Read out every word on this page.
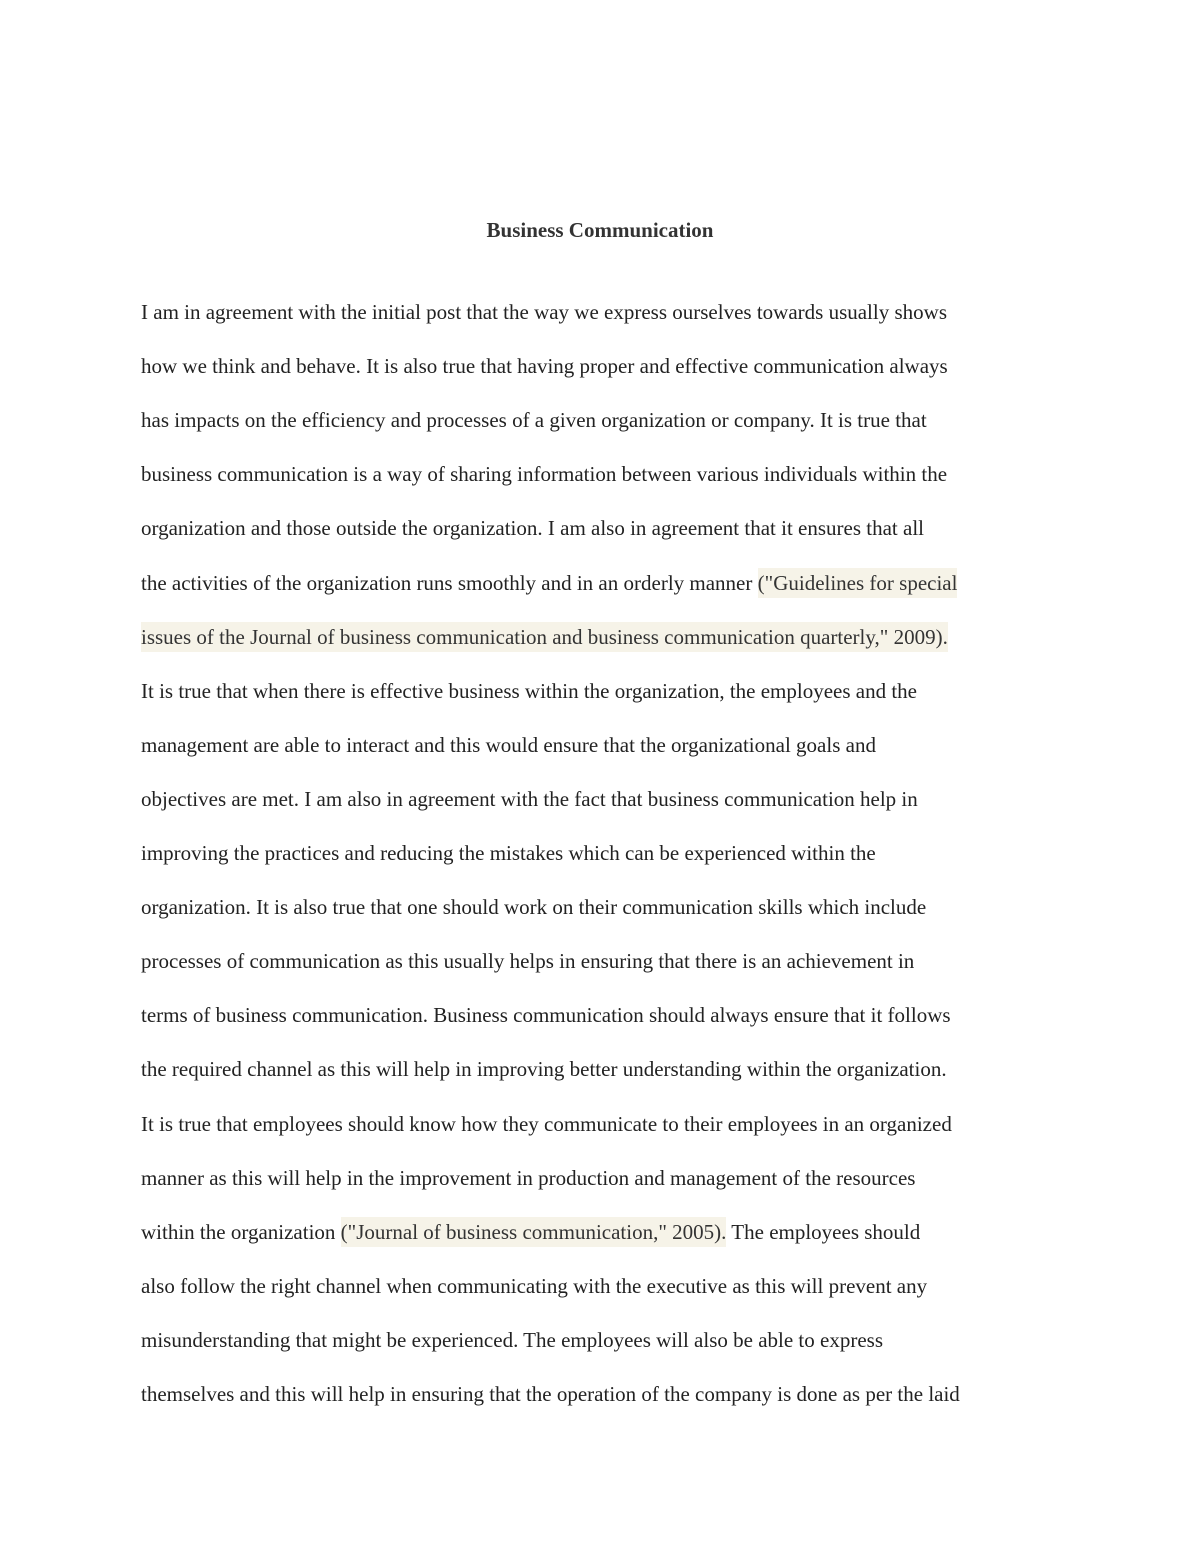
Business Communication
I am in agreement with the initial post that the way we express ourselves towards usually shows
how we think and behave. It is also true that having proper and effective communication always
has impacts on the efficiency and processes of a given organization or company. It is true that
business communication is a way of sharing information between various individuals within the
organization and those outside the organization. I am also in agreement that it ensures that all
the activities of the organization runs smoothly and in an orderly manner ("Guidelines for special
issues of the Journal of business communication and business communication quarterly," 2009).
It is true that when there is effective business within the organization, the employees and the
management are able to interact and this would ensure that the organizational goals and
objectives are met. I am also in agreement with the fact that business communication help in
improving the practices and reducing the mistakes which can be experienced within the
organization. It is also true that one should work on their communication skills which include
processes of communication as this usually helps in ensuring that there is an achievement in
terms of business communication. Business communication should always ensure that it follows
the required channel as this will help in improving better understanding within the organization.
It is true that employees should know how they communicate to their employees in an organized
manner as this will help in the improvement in production and management of the resources
within the organization ("Journal of business communication," 2005). The employees should
also follow the right channel when communicating with the executive as this will prevent any
misunderstanding that might be experienced. The employees will also be able to express
themselves and this will help in ensuring that the operation of the company is done as per the laid
